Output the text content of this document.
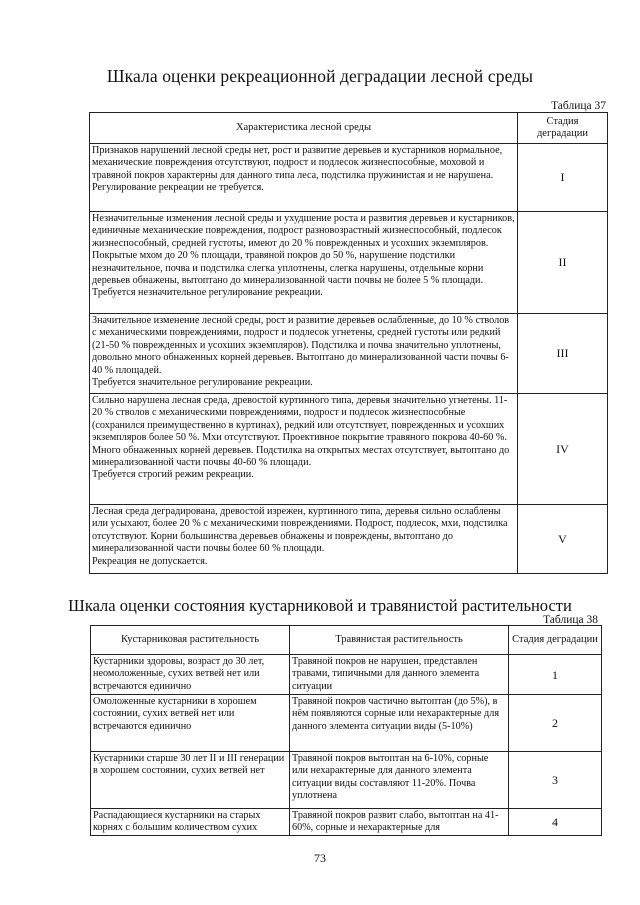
Шкала оценки рекреационной деградации лесной среды
Таблица 37
Характеристика лесной среды	Стадия деградации
Признаков нарушений лесной среды нет, рост и развитие деревьев и кустарников нормальное, механические повреждения отсутствуют, подрост и подлесок жизнеспособные, моховой и травяной покров характерны для данного типа леса, подстилка пружинистая и не нарушена.
Регулирование рекреации не требуется.	I
Незначительные изменения лесной среды и ухудшение роста и развития деревьев и кустарников, единичные механические повреждения, подрост разновозрастный жизнеспособный, подлесок жизнеспособный, средней густоты, имеют до 20 % поврежденных и усохших экземпляров. Покрытые мхом до 20 % площади, травяной покров до 50 %, нарушение подстилки незначительное, почва и подстилка слегка уплотнены, слегка нарушены, отдельные корни деревьев обнажены, вытоптано до минерализованной части почвы не более 5 % площади.
Требуется незначительное регулирование рекреации.	II
Значительное изменение лесной среды, рост и развитие деревьев ослабленные, до 10 % стволов с механическими повреждениями, подрост и подлесок угнетены, средней густоты или редкий (21-50 % поврежденных и усохших экземпляров). Подстилка и почва значительно уплотнены, довольно много обнаженных корней деревьев. Вытоптано до минерализованной части почвы 6-40 % площадей.
Требуется значительное регулирование рекреации.	III
Сильно нарушена лесная среда, древостой куртинного типа, деревья значительно угнетены. 11-20 % стволов с механическими повреждениями, подрост и подлесок жизнеспособные (сохранился преимущественно в куртинах), редкий или отсутствует, поврежденных и усохших экземпляров более 50 %. Мхи отсутствуют. Проективное покрытие травяного покрова 40-60 %. Много обнаженных корней деревьев. Подстилка на открытых местах отсутствует, вытоптано до минерализованной части почвы 40-60 % площади.
Требуется строгий режим рекреации.	IV
Лесная среда деградирована, древостой изрежен, куртинного типа, деревья сильно ослаблены или усыхают, более 20 % с механическими повреждениями. Подрост, подлесок, мхи, подстилка отсутствуют. Корни большинства деревьев обнажены и повреждены, вытоптано до минерализованной части почвы более 60 % площади.
Рекреация не допускается.	V
Шкала оценки состояния кустарниковой и травянистой растительности
Таблица 38
Кустарниковая растительность	Травянистая растительность	Стадия деградации
Кустарники здоровы, возраст до 30 лет, неомоложенные, сухих ветвей нет или встречаются единично	Травяной покров не нарушен, представлен травами, типичными для данного элемента ситуации	1
Омоложенные кустарники в хорошем состоянии, сухих ветвей нет или встречаются единично	Травяной покров частично вытоптан (до 5%), в нём появляются сорные или нехарактерные для данного элемента ситуации виды (5-10%)	2
Кустарники старше 30 лет II и III генерации в хорошем состоянии, сухих ветвей нет	Травяной покров вытоптан на 6-10%, сорные или нехарактерные для данного элемента ситуации виды составляют 11-20%. Почва уплотнена	3
Распадающиеся кустарники на старых корнях с большим количеством сухих	Травяной покров развит слабо, вытоптан на 41-60%, сорные и нехарактерные для	4
73
